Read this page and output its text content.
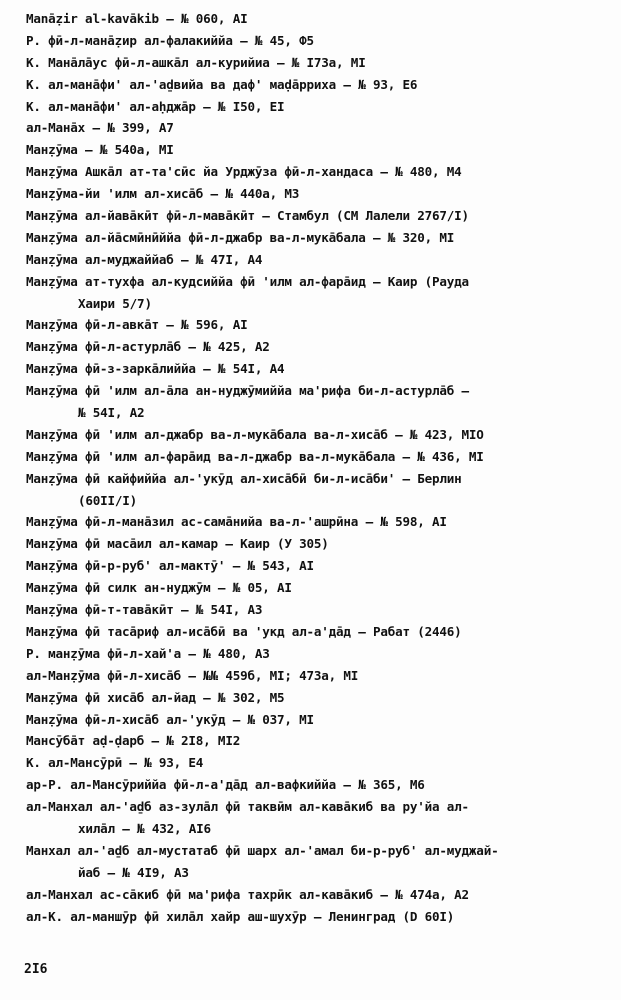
Manāẓir al-kavākib – № 060, AI
Р. фӣ-л-манāẓир ал-фалакиййа – № 45, Ф5
К. Манāлāус фӣ-л-ашкāл ал-курийиа – № I73а, MI
К. ал-манāфи' ал-'аḏвийа ва даф' маḍāрриха – № 93, Е6
К. ал-манāфи' ал-аḥджāр – № I50, ЕI
ал-Манāх – № 399, А7
Манẓӯма – № 540а, MI
Манẓӯма Ашкāл ат-та'сӣс йа Урджӯза фӣ-л-хандаса – № 480, М4
Манẓӯма-йи 'илм ал-хисāб – № 440а, М3
Манẓӯма ал-йавāкӣт фӣ-л-мавāкӣт – Стамбул (СМ Лалели 2767/I)
Манẓӯма ал-йāсмӣнӣййа фӣ-л-джабр ва-л-мукāбала – № 320, MI
Манẓӯма ал-муджаййаб – № 47I, А4
Манẓӯма ат-тухфа ал-кудсиййа фӣ 'илм ал-фарāид – Каир (Рауда
Хаири 5/7)
Манẓӯма фӣ-л-авкāт – № 596, AI
Манẓӯма фӣ-л-астурлāб – № 425, А2
Манẓӯма фӣ-з-заркāлиййа – № 54I, А4
Манẓӯма фӣ 'илм ал-āла ан-нуджӯмиййа ма'рифа би-л-астурлāб –
№ 54I, А2
Манẓӯма фӣ 'илм ал-джабр ва-л-мукāбала ва-л-хисāб – № 423, MIO
Манẓӯма фӣ 'илм ал-фарāид ва-л-джабр ва-л-мукāбала – № 436, MI
Манẓӯма фӣ кайфиййа ал-'укӯд ал-хисāбӣ би-л-исāби' – Берлин
(60II/I)
Манẓӯма фӣ-л-манāзил ас-самāнийа ва-л-'ашрӣна – № 598, AI
Манẓӯма фӣ масāил ал-камар – Каир (У 305)
Манẓӯма фӣ-р-руб' ал-мактӯ' – № 543, AI
Манẓӯма фӣ силк ан-нуджӯм – № 05, AI
Манẓӯма фӣ-т-тавāкӣт – № 54I, А3
Манẓӯма фӣ тасāриф ал-исāбӣ ва 'укд ал-а'дāд – Рабат (2446)
Р. манẓӯма фӣ-л-хай'а – № 480, А3
ал-Манẓӯма фӣ-л-хисāб – №№ 459б, MI; 473а, MI
Манẓӯма фӣ хисāб ал-йад – № 302, М5
Манẓӯма фӣ-л-хисāб ал-'укӯд – № 037, MI
Мансӯбāт аḍ-ḍарб – № 2I8, MI2
К. ал-Мансӯрӣ – № 93, Е4
ар-Р. ал-Мансӯриййа фӣ-л-а'дāд ал-вафкиййа – № 365, М6
ал-Манхал ал-'аḏб аз-зулāл фӣ таквӣм ал-кавāкиб ва ру'йа ал-
хилāл – № 432, AI6
Манхал ал-'аḏб ал-мустатаб фӣ шарх ал-'амал би-р-руб' ал-муджай-
йаб – № 4I9, А3
ал-Манхал ас-сāкиб фӣ ма'рифа тахрӣк ал-кавāкиб – № 474а, А2
ал-К. ал-маншӯр фӣ хилāл хайр аш-шухӯр – Ленинград (D 60I)
2I6
